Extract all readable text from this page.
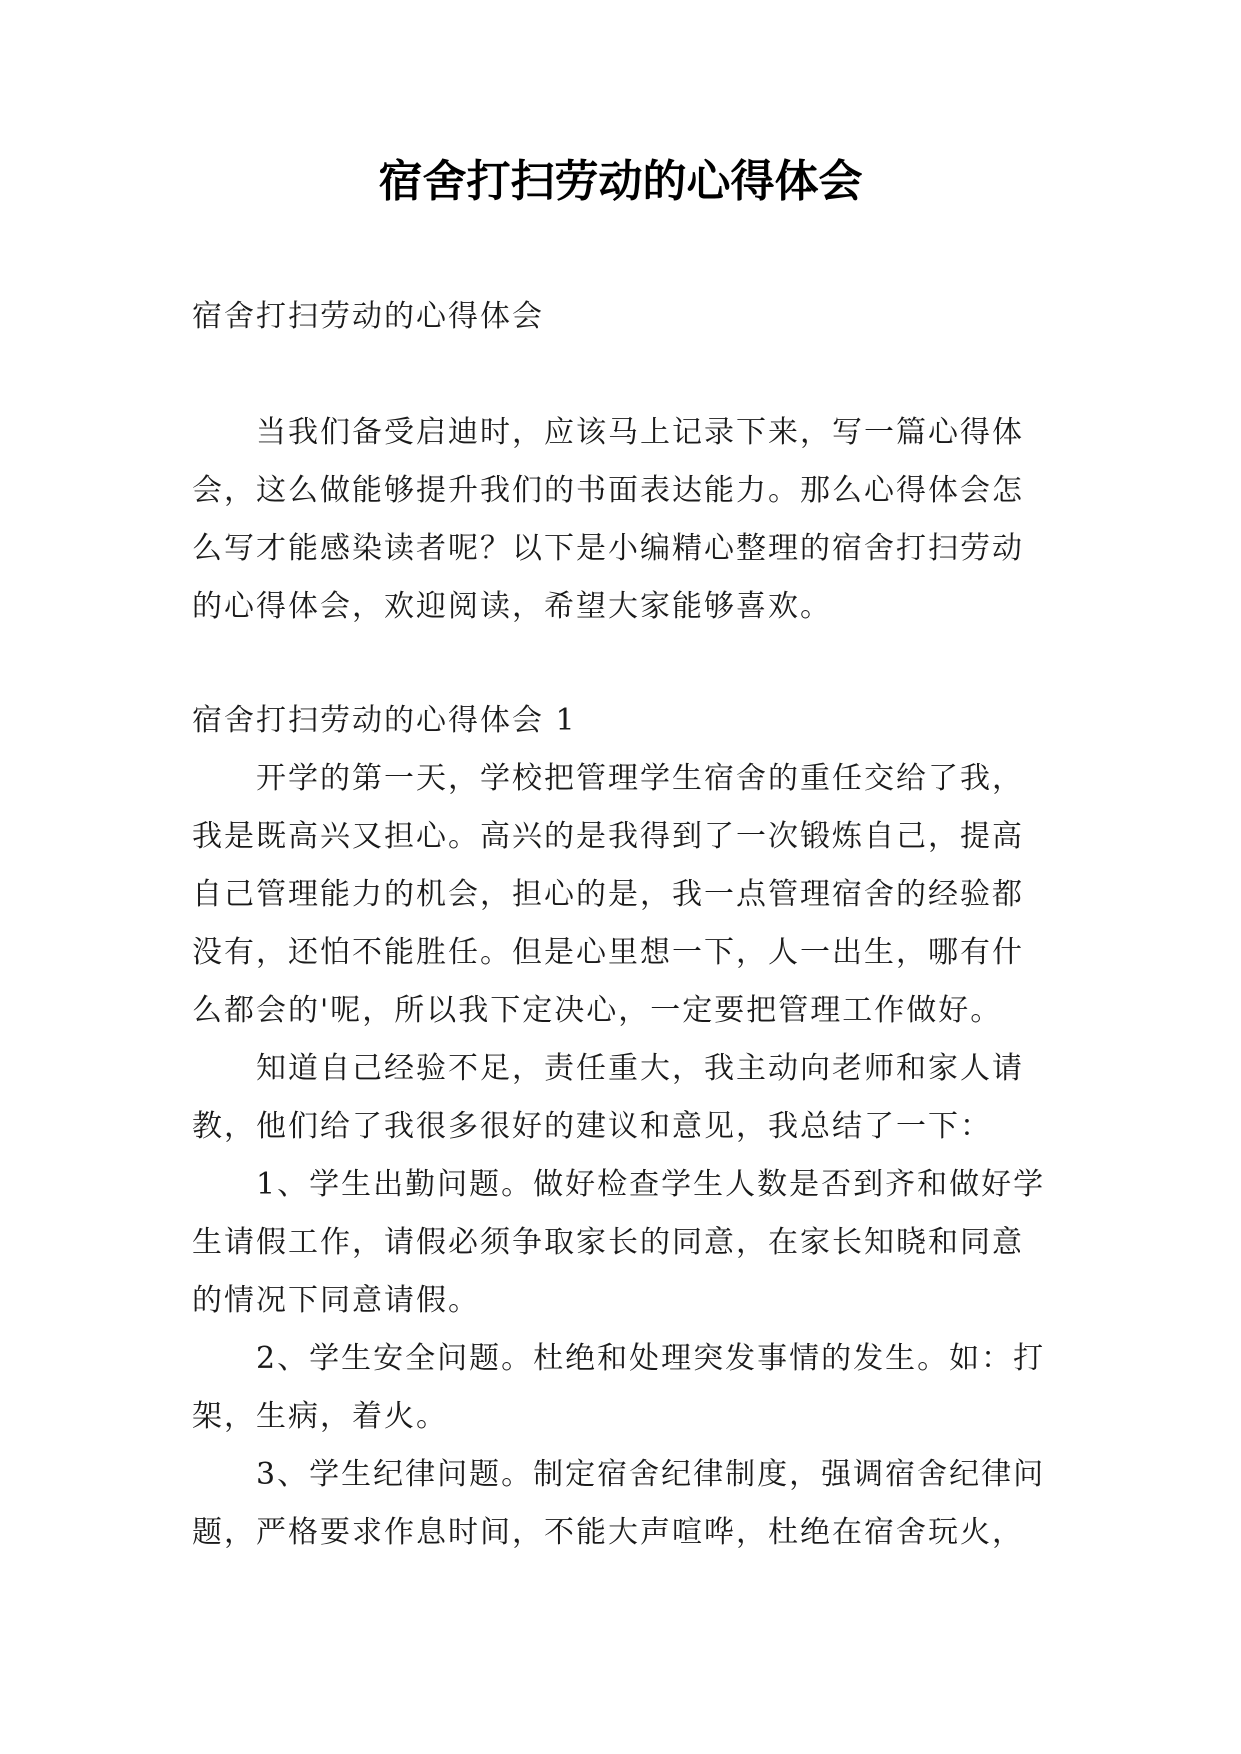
宿舍打扫劳动的心得体会

宿舍打扫劳动的心得体会

当我们备受启迪时，应该马上记录下来，写一篇心得体会，这么做能够提升我们的书面表达能力。那么心得体会怎么写才能感染读者呢？以下是小编精心整理的宿舍打扫劳动的心得体会，欢迎阅读，希望大家能够喜欢。

宿舍打扫劳动的心得体会 1

开学的第一天，学校把管理学生宿舍的重任交给了我，我是既高兴又担心。高兴的是我得到了一次锻炼自己，提高自己管理能力的机会，担心的是，我一点管理宿舍的经验都没有，还怕不能胜任。但是心里想一下，人一出生，哪有什么都会的'呢，所以我下定决心，一定要把管理工作做好。

知道自己经验不足，责任重大，我主动向老师和家人请教，他们给了我很多很好的建议和意见，我总结了一下：

1、学生出勤问题。做好检查学生人数是否到齐和做好学生请假工作，请假必须争取家长的同意，在家长知晓和同意的情况下同意请假。

2、学生安全问题。杜绝和处理突发事情的发生。如：打架，生病，着火。

3、学生纪律问题。制定宿舍纪律制度，强调宿舍纪律问题，严格要求作息时间，不能大声喧哗，杜绝在宿舍玩火，
